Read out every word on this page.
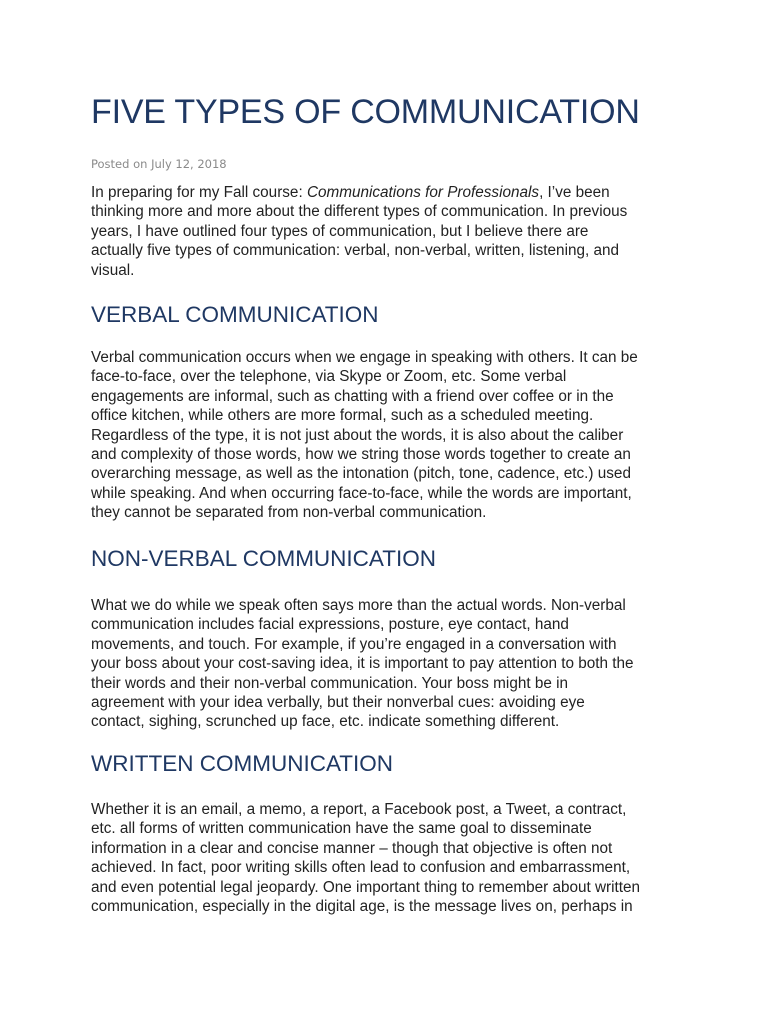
FIVE TYPES OF COMMUNICATION

Posted on July 12, 2018

In preparing for my Fall course: Communications for Professionals, I’ve been
thinking more and more about the different types of communication. In previous
years, I have outlined four types of communication, but I believe there are
actually five types of communication: verbal, non-verbal, written, listening, and
visual.

VERBAL COMMUNICATION

Verbal communication occurs when we engage in speaking with others. It can be
face-to-face, over the telephone, via Skype or Zoom, etc. Some verbal
engagements are informal, such as chatting with a friend over coffee or in the
office kitchen, while others are more formal, such as a scheduled meeting.
Regardless of the type, it is not just about the words, it is also about the caliber
and complexity of those words, how we string those words together to create an
overarching message, as well as the intonation (pitch, tone, cadence, etc.) used
while speaking. And when occurring face-to-face, while the words are important,
they cannot be separated from non-verbal communication.

NON-VERBAL COMMUNICATION

What we do while we speak often says more than the actual words. Non-verbal
communication includes facial expressions, posture, eye contact, hand
movements, and touch. For example, if you’re engaged in a conversation with
your boss about your cost-saving idea, it is important to pay attention to both the
their words and their non-verbal communication. Your boss might be in
agreement with your idea verbally, but their nonverbal cues: avoiding eye
contact, sighing, scrunched up face, etc. indicate something different.

WRITTEN COMMUNICATION

Whether it is an email, a memo, a report, a Facebook post, a Tweet, a contract,
etc. all forms of written communication have the same goal to disseminate
information in a clear and concise manner – though that objective is often not
achieved. In fact, poor writing skills often lead to confusion and embarrassment,
and even potential legal jeopardy. One important thing to remember about written
communication, especially in the digital age, is the message lives on, perhaps in
